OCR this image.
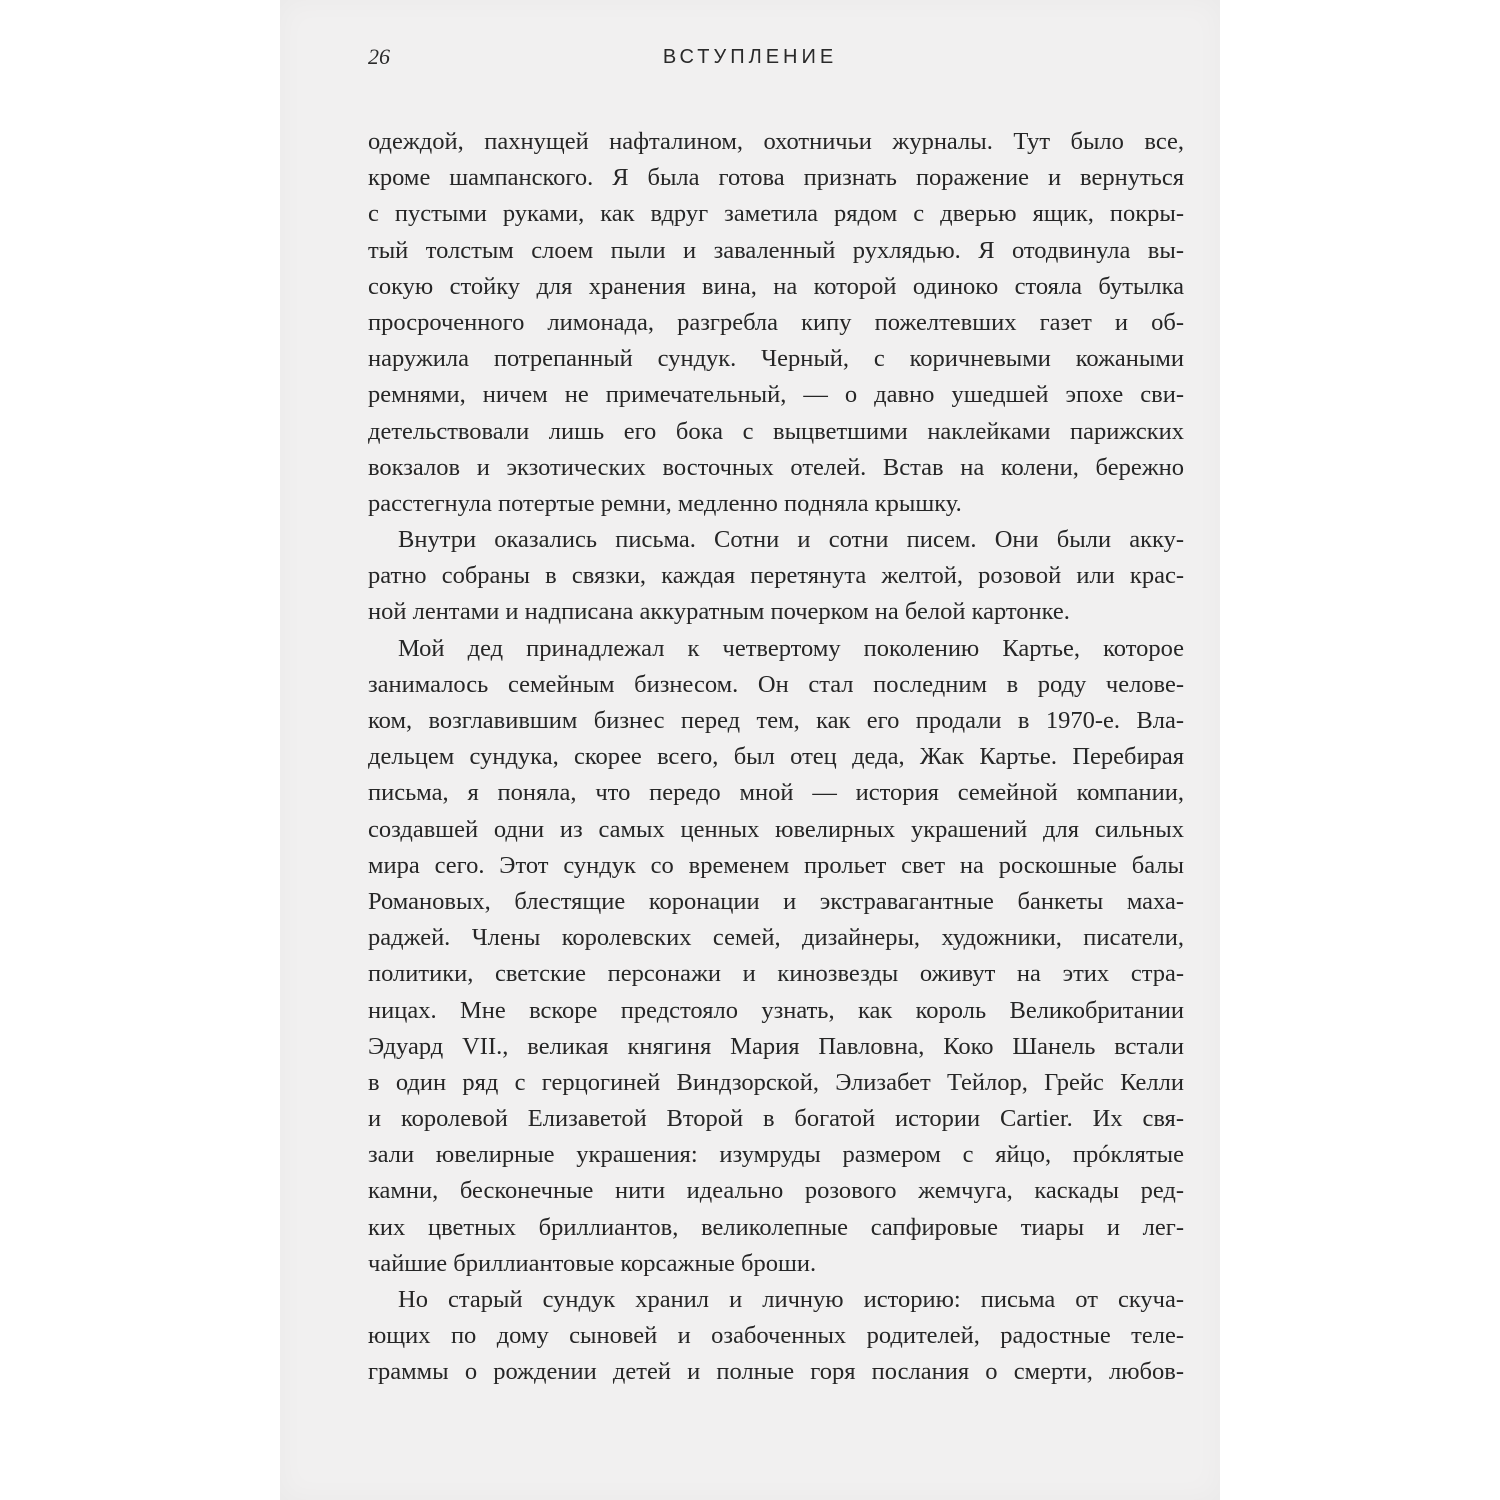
26	ВСТУПЛЕНИЕ
одеждой, пахнущей нафталином, охотничьи журналы. Тут было все,
кроме шампанского. Я была готова признать поражение и вернуться
с пустыми руками, как вдруг заметила рядом с дверью ящик, покры-
тый толстым слоем пыли и заваленный рухлядью. Я отодвинула вы-
сокую стойку для хранения вина, на которой одиноко стояла бутылка
просроченного лимонада, разгребла кипу пожелтевших газет и об-
наружила потрепанный сундук. Черный, с коричневыми кожаными
ремнями, ничем не примечательный, — о давно ушедшей эпохе сви-
детельствовали лишь его бока с выцветшими наклейками парижских
вокзалов и экзотических восточных отелей. Встав на колени, бережно
расстегнула потертые ремни, медленно подняла крышку.
Внутри оказались письма. Сотни и сотни писем. Они были акку-
ратно собраны в связки, каждая перетянута желтой, розовой или крас-
ной лентами и надписана аккуратным почерком на белой картонке.
Мой дед принадлежал к четвертому поколению Картье, которое
занималось семейным бизнесом. Он стал последним в роду челове-
ком, возглавившим бизнес перед тем, как его продали в 1970-е. Вла-
дельцем сундука, скорее всего, был отец деда, Жак Картье. Перебирая
письма, я поняла, что передо мной — история семейной компании,
создавшей одни из самых ценных ювелирных украшений для сильных
мира сего. Этот сундук со временем прольет свет на роскошные балы
Романовых, блестящие коронации и экстравагантные банкеты маха-
раджей. Члены королевских семей, дизайнеры, художники, писатели,
политики, светские персонажи и кинозвезды оживут на этих стра-
ницах. Мне вскоре предстояло узнать, как король Великобритании
Эдуард VII., великая княгиня Мария Павловна, Коко Шанель встали
в один ряд с герцогиней Виндзорской, Элизабет Тейлор, Грейс Келли
и королевой Елизаветой Второй в богатой истории Cartier. Их свя-
зали ювелирные украшения: изумруды размером с яйцо, прóклятые
камни, бесконечные нити идеально розового жемчуга, каскады ред-
ких цветных бриллиантов, великолепные сапфировые тиары и лег-
чайшие бриллиантовые корсажные броши.
Но старый сундук хранил и личную историю: письма от скуча-
ющих по дому сыновей и озабоченных родителей, радостные теле-
граммы о рождении детей и полные горя послания о смерти, любов-
